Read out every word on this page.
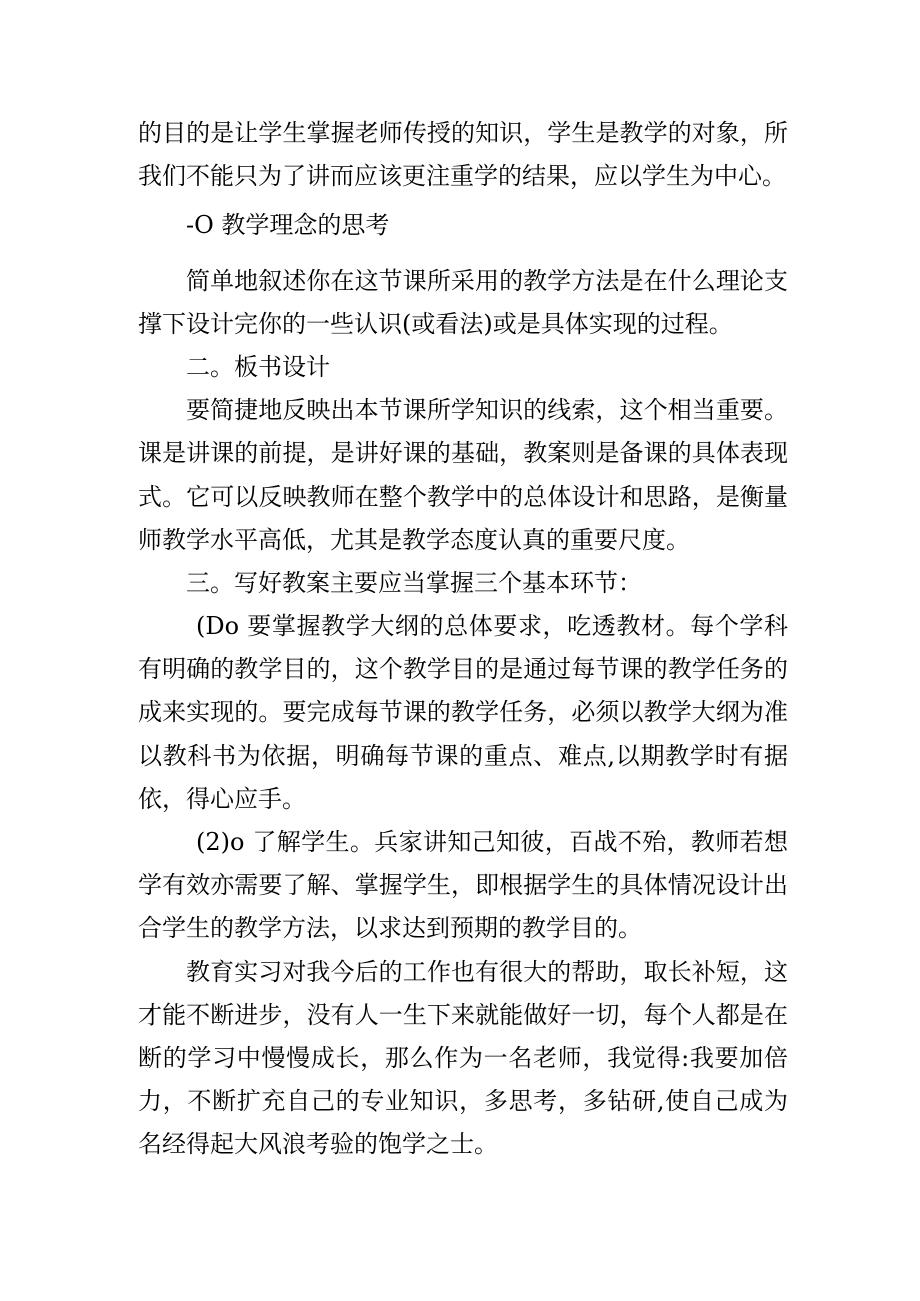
的目的是让学生掌握老师传授的知识，学生是教学的对象，所
我们不能只为了讲而应该更注重学的结果，应以学生为中心。
-O 教学理念的思考
简单地叙述你在这节课所采用的教学方法是在什么理论支
撑下设计完你的一些认识(或看法)或是具体实现的过程。
二。板书设计
要简捷地反映出本节课所学知识的线索，这个相当重要。
课是讲课的前提，是讲好课的基础，教案则是备课的具体表现
式。它可以反映教师在整个教学中的总体设计和思路，是衡量
师教学水平高低，尤其是教学态度认真的重要尺度。
三。写好教案主要应当掌握三个基本环节：
(Do 要掌握教学大纲的总体要求，吃透教材。每个学科
有明确的教学目的，这个教学目的是通过每节课的教学任务的
成来实现的。要完成每节课的教学任务，必须以教学大纲为准
以教科书为依据，明确每节课的重点、难点,以期教学时有据
依，得心应手。
(2)o 了解学生。兵家讲知己知彼，百战不殆，教师若想
学有效亦需要了解、掌握学生，即根据学生的具体情况设计出
合学生的教学方法，以求达到预期的教学目的。
教育实习对我今后的工作也有很大的帮助，取长补短，这
才能不断进步，没有人一生下来就能做好一切，每个人都是在
断的学习中慢慢成长，那么作为一名老师，我觉得:我要加倍
力，不断扩充自己的专业知识，多思考，多钻研,使自己成为
名经得起大风浪考验的饱学之士。
